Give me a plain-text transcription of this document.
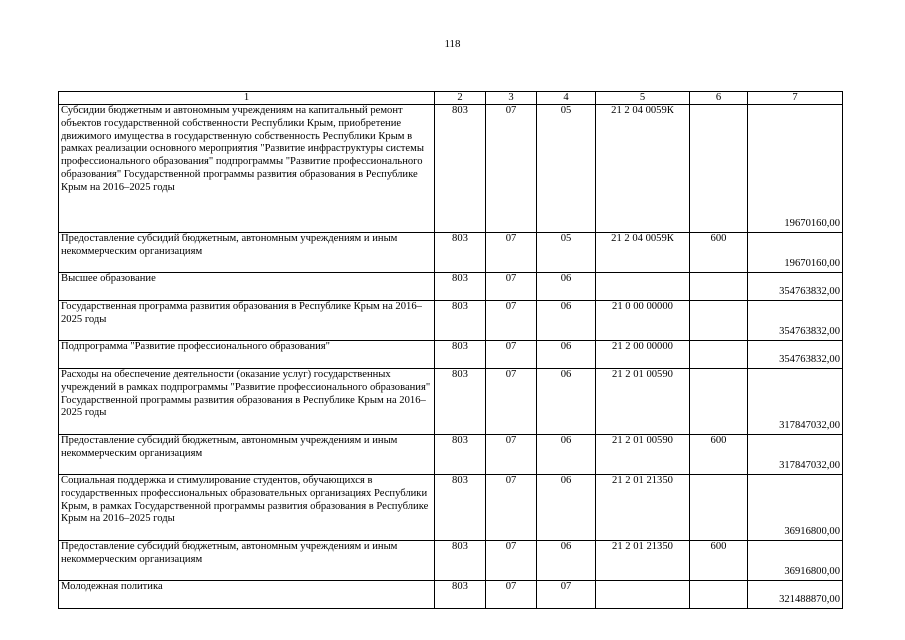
118
1	2	3	4	5	6	7
Субсидии бюджетным и автономным учреждениям на капитальный ремонт объектов государственной собственности Республики Крым, приобретение движимого имущества в государственную собственность Республики Крым в рамках реализации основного мероприятия "Развитие инфраструктуры системы профессионального образования" подпрограммы "Развитие профессионального образования" Государственной программы развития образования в Республике Крым на 2016–2025 годы	803	07	05	21 2 04 0059К		19670160,00
Предоставление субсидий бюджетным, автономным учреждениям и иным некоммерческим организациям	803	07	05	21 2 04 0059К	600	19670160,00
Высшее образование	803	07	06			354763832,00
Государственная программа развития образования в Республике Крым на 2016–2025 годы	803	07	06	21 0 00 00000		354763832,00
Подпрограмма "Развитие профессионального образования"	803	07	06	21 2 00 00000		354763832,00
Расходы на обеспечение деятельности (оказание услуг) государственных учреждений в рамках подпрограммы "Развитие профессионального образования" Государственной программы развития образования в Республике Крым на 2016–2025 годы	803	07	06	21 2 01 00590		317847032,00
Предоставление субсидий бюджетным, автономным учреждениям и иным некоммерческим организациям	803	07	06	21 2 01 00590	600	317847032,00
Социальная поддержка и стимулирование студентов, обучающихся в государственных профессиональных образовательных организациях Республики Крым, в рамках Государственной программы развития образования в Республике Крым на 2016–2025 годы	803	07	06	21 2 01 21350		36916800,00
Предоставление субсидий бюджетным, автономным учреждениям и иным некоммерческим организациям	803	07	06	21 2 01 21350	600	36916800,00
Молодежная политика	803	07	07			321488870,00
